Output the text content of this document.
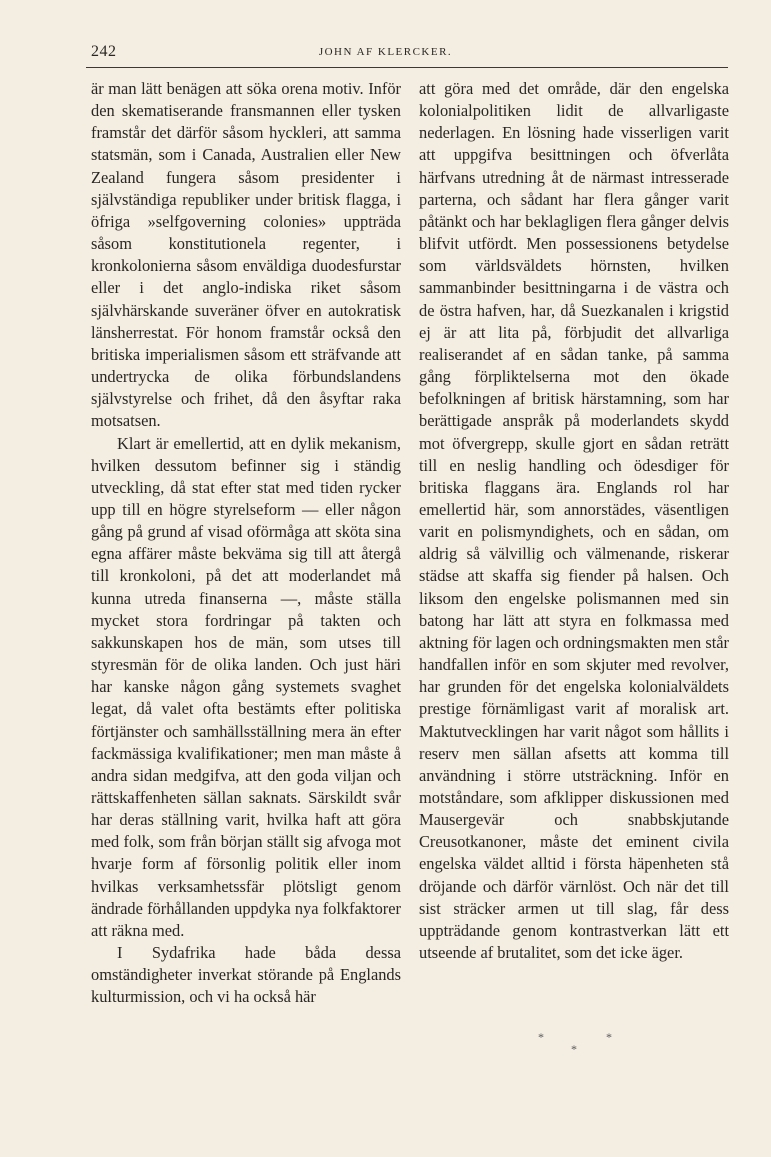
242	JOHN AF KLERCKER.

är man lätt benägen att söka orena motiv. Inför den skematiserande fransmannen eller tysken framstår det därför såsom hyckleri, att samma statsmän, som i Canada, Australien eller New Zealand fungera såsom presidenter i självständiga republiker under britisk flagga, i öfriga »selfgoverning colonies» uppträda såsom konstitutionela regenter, i kronkolonierna såsom enväldiga duodesfurstar eller i det anglo-indiska riket såsom självhärskande suveräner öfver en autokratisk länsherrestat. För honom framstår också den britiska imperialismen såsom ett sträfvande att undertrycka de olika förbundslandens självstyrelse och frihet, då den åsyftar raka motsatsen.

Klart är emellertid, att en dylik mekanism, hvilken dessutom befinner sig i ständig utveckling, då stat efter stat med tiden rycker upp till en högre styrelseform — eller någon gång på grund af visad oförmåga att sköta sina egna affärer måste bekväma sig till att återgå till kronkoloni, på det att moderlandet må kunna utreda finanserna —, måste ställa mycket stora fordringar på takten och sakkunskapen hos de män, som utses till styresmän för de olika landen. Och just häri har kanske någon gång systemets svaghet legat, då valet ofta bestämts efter politiska förtjänster och samhällsställning mera än efter fackmässiga kvalifikationer; men man måste å andra sidan medgifva, att den goda viljan och rättskaffenheten sällan saknats. Särskildt svår har deras ställning varit, hvilka haft att göra med folk, som från början ställt sig afvoga mot hvarje form af försonlig politik eller inom hvilkas verksamhetssfär plötsligt genom ändrade förhållanden uppdyka nya folkfaktorer att räkna med.

I Sydafrika hade båda dessa omständigheter inverkat störande på Englands kulturmission, och vi ha också här

att göra med det område, där den engelska kolonialpolitiken lidit de allvarligaste nederlagen. En lösning hade visserligen varit att uppgifva besittningen och öfverlåta härfvans utredning åt de närmast intresserade parterna, och sådant har flera gånger varit påtänkt och har beklagligen flera gånger delvis blifvit utfördt. Men possessionens betydelse som världsväldets hörnsten, hvilken sammanbinder besittningarna i de västra och de östra hafven, har, då Suezkanalen i krigstid ej är att lita på, förbjudit det allvarliga realiserandet af en sådan tanke, på samma gång förpliktelserna mot den ökade befolkningen af britisk härstamning, som har berättigade anspråk på moderlandets skydd mot öfvergrepp, skulle gjort en sådan reträtt till en neslig handling och ödesdiger för britiska flaggans ära. Englands rol har emellertid här, som annorstädes, väsentligen varit en polismyndighets, och en sådan, om aldrig så välvillig och välmenande, riskerar städse att skaffa sig fiender på halsen. Och liksom den engelske polismannen med sin batong har lätt att styra en folkmassa med aktning för lagen och ordningsmakten men står handfallen inför en som skjuter med revolver, har grunden för det engelska kolonialväldets prestige förnämligast varit af moralisk art. Maktutvecklingen har varit något som hållits i reserv men sällan afsetts att komma till användning i större utsträckning. Inför en motståndare, som afklipper diskussionen med Mausergevär och snabbskjutande Creusotkanoner, måste det eminent civila engelska väldet alltid i första häpenheten stå dröjande och därför värnlöst. Och när det till sist sträcker armen ut till slag, får dess uppträdande genom kontrastverkan lätt ett utseende af brutalitet, som det icke äger.

*	*
*
